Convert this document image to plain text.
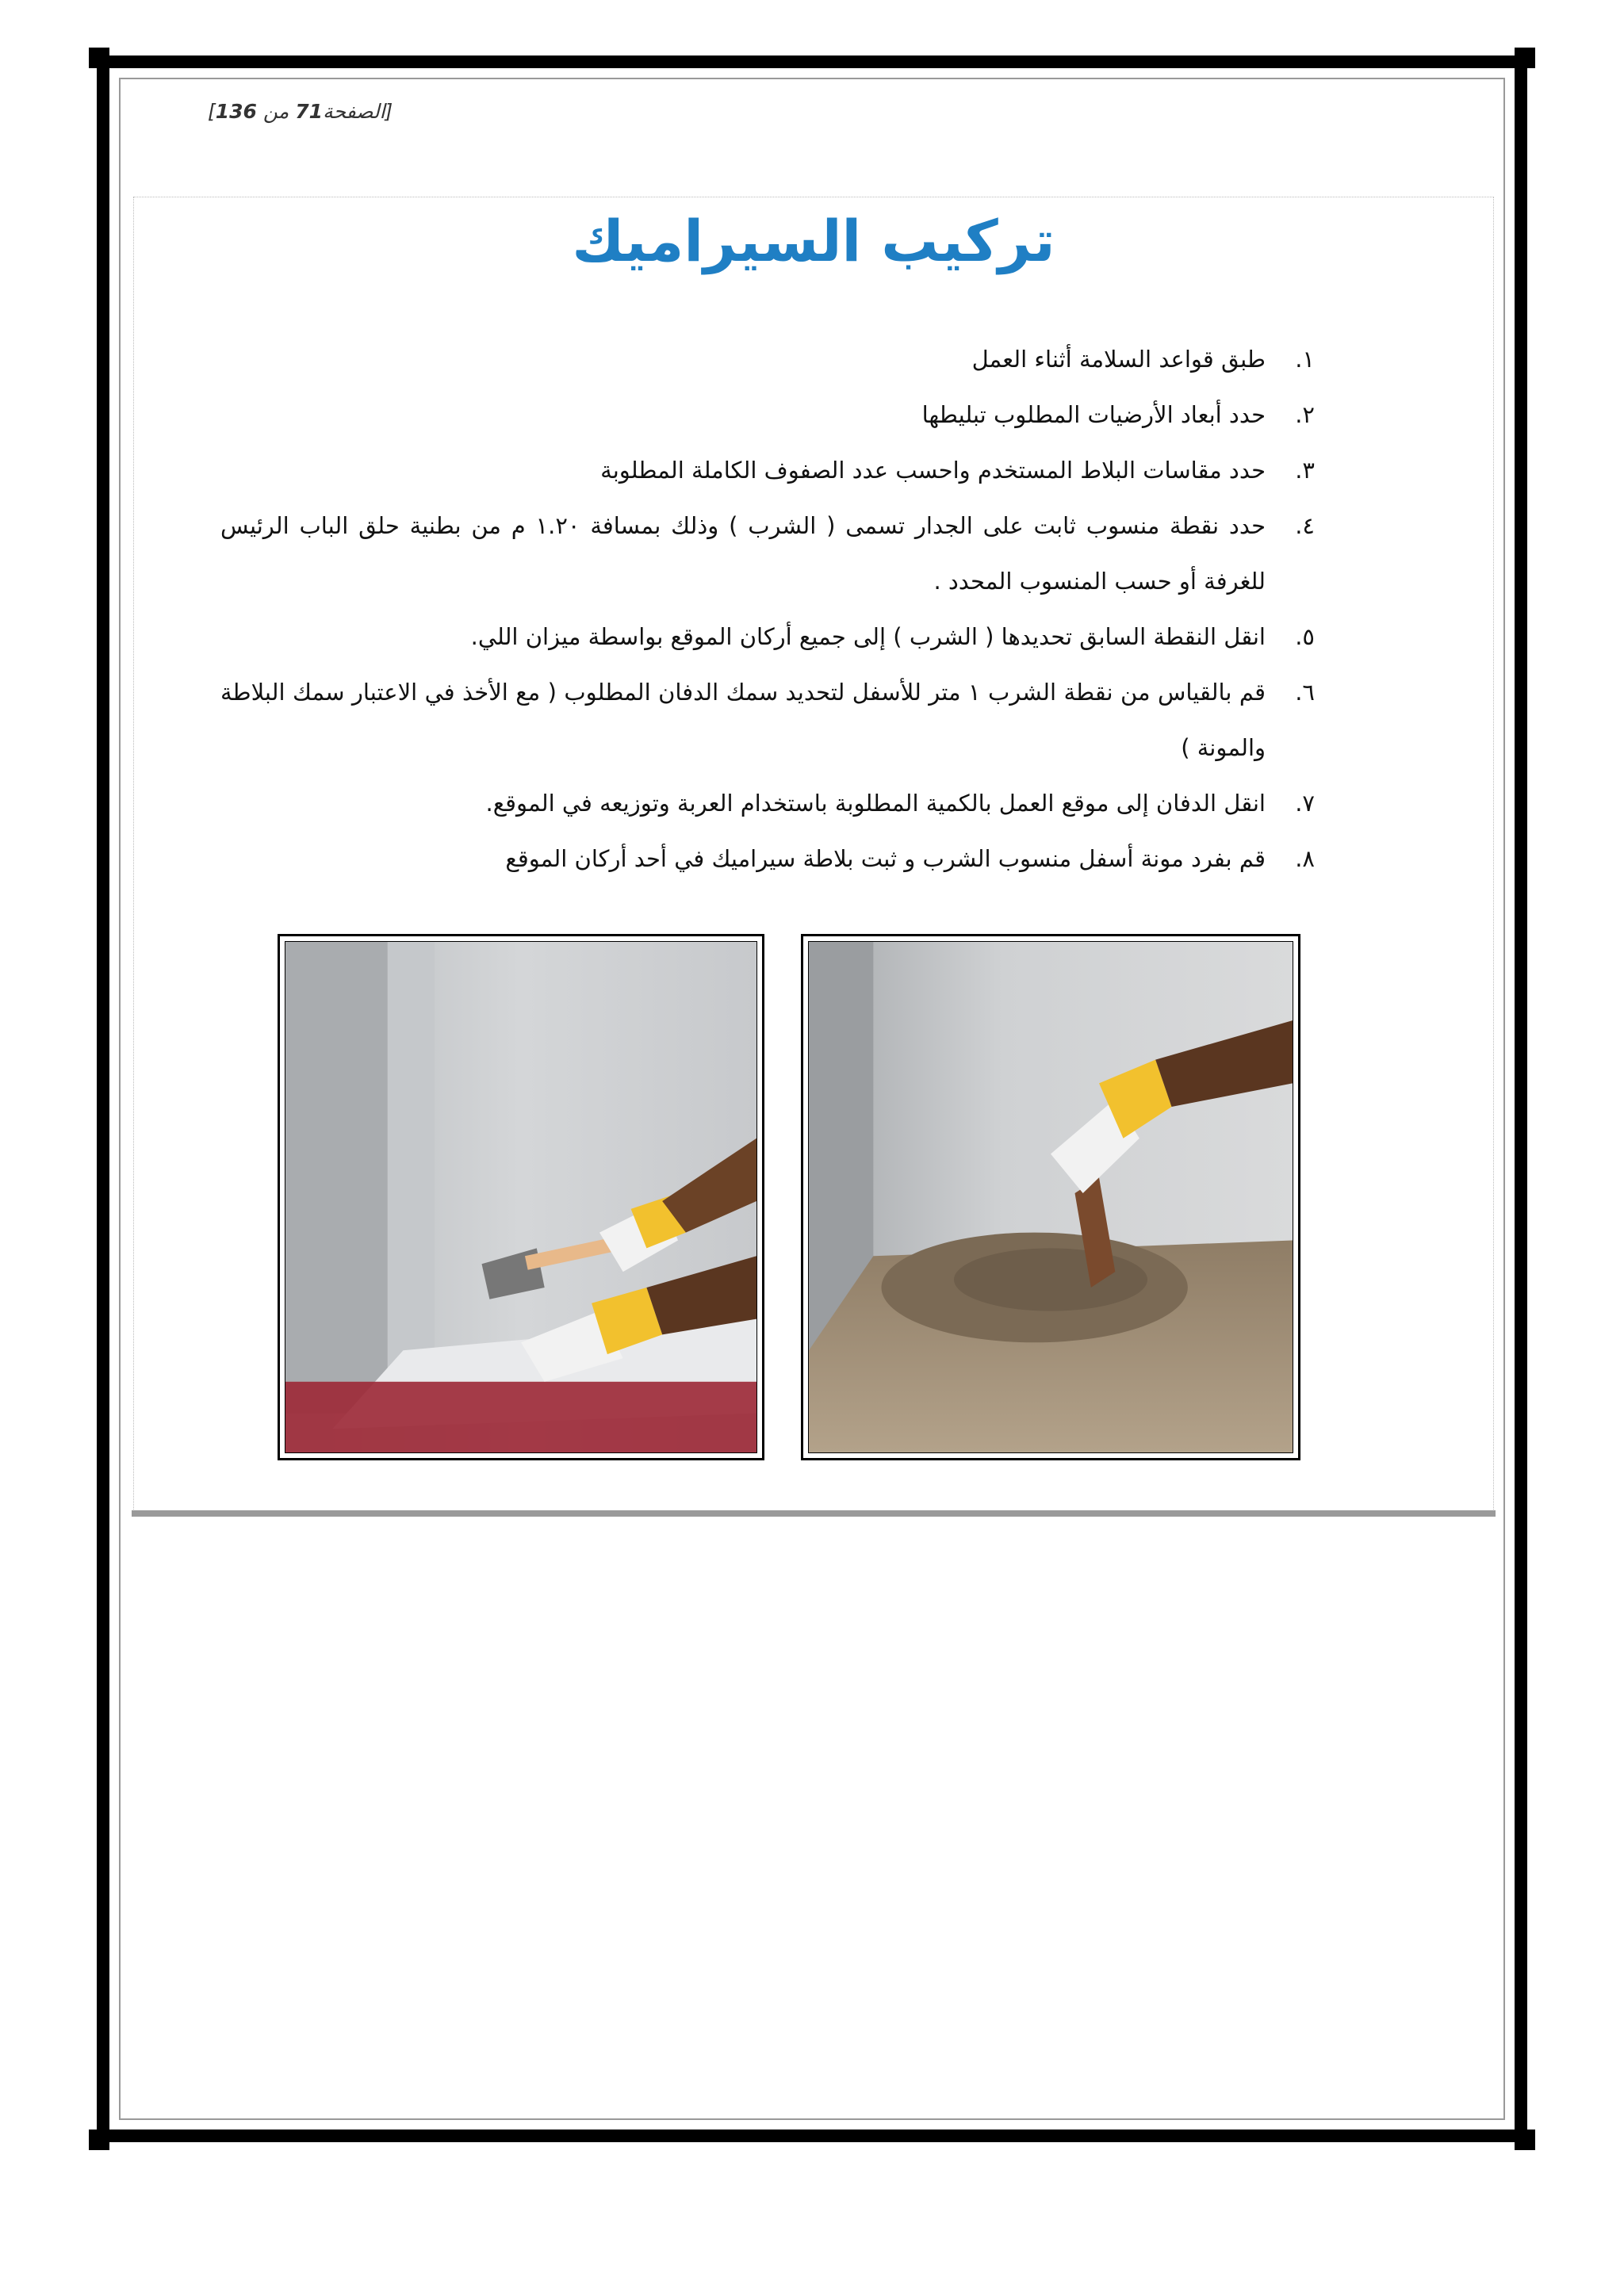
[الصفحة71 من 136]
تركيب السيراميك
١.
طبق قواعد السلامة أثناء العمل
٢.
حدد أبعاد الأرضيات المطلوب تبليطها
٣.
حدد مقاسات البلاط المستخدم واحسب عدد الصفوف الكاملة المطلوبة
٤.
حدد نقطة منسوب ثابت على الجدار تسمى ( الشرب ) وذلك بمسافة ١.٢٠ م من بطنية حلق الباب الرئيس للغرفة أو حسب المنسوب المحدد .
٥.
انقل النقطة السابق تحديدها ( الشرب ) إلى جميع أركان الموقع بواسطة ميزان اللي.
٦.
قم بالقياس من نقطة الشرب ١ متر للأسفل لتحديد سمك الدفان المطلوب ( مع الأخذ في الاعتبار سمك البلاطة والمونة )
٧.
انقل الدفان إلى موقع العمل بالكمية المطلوبة باستخدام العربة وتوزيعه في الموقع.
٨.
قم بفرد مونة أسفل منسوب الشرب و ثبت بلاطة سيراميك في أحد أركان الموقع
